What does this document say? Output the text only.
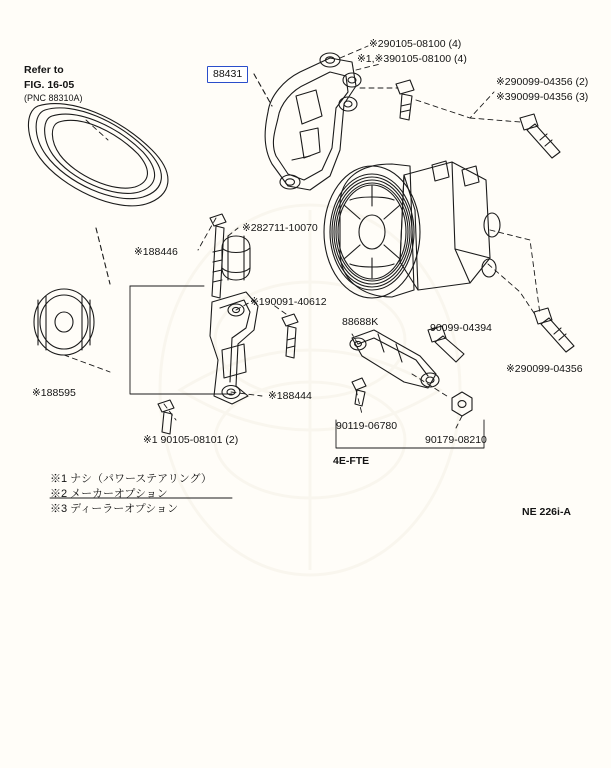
Refer to
FIG. 16-05
(PNC 88310A)
88431
※290105-08100 (4)
※1,※390105-08100 (4)
※290099-04356 (2)
※390099-04356 (3)
※188446
※282711-10070
※190091-40612
※188595	※188444
※1 90105-08101 (2)
88688K	90099-04394
※290099-04356
90119-06780
90179-08210
4E-FTE
※1 ナシ（パワーステアリング）
※2 メーカーオプション
※3 ディーラーオプション	NE 226i-A
